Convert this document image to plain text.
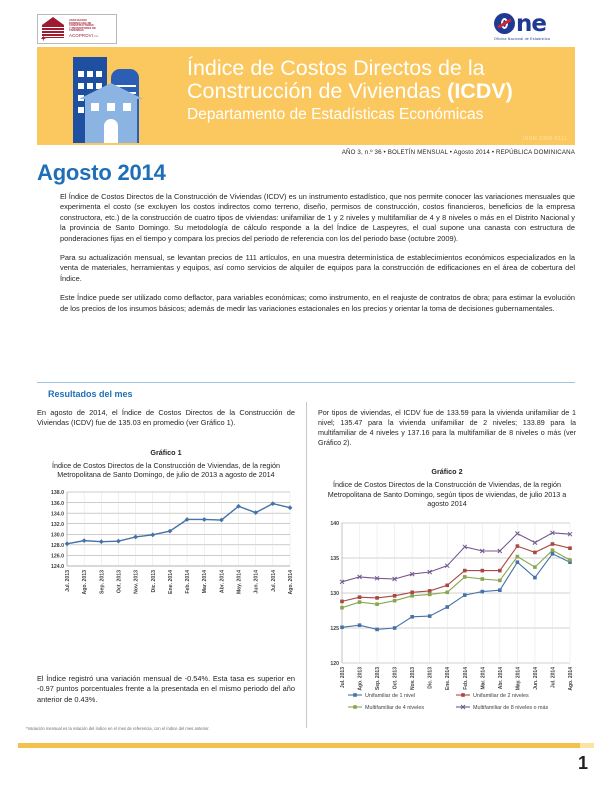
+
ASOCIACION
DOMINICANA DE
CONSTRUCTORES
Y PROMOTORES DE
VIVIENDAS
ACOPROVI, Inc.	ne
Oficina Nacional de Estadística
Índice de Costos Directos de la
Construcción de Viviendas (ICDV)
Departamento de Estadísticas Económicas
ISSN 2309-0111
AÑO 3, n.º 36 • BOLETÍN MENSUAL • Agosto 2014 • REPÚBLICA DOMINICANA
Agosto 2014

El Índice de Costos Directos de la Construcción de Viviendas (ICDV) es un instrumento estadístico, que nos permite conocer las variaciones mensuales que experimenta el costo (se excluyen los costos indirectos como terreno, diseño, permisos de construcción, costos financieros, beneficios de la empresa constructora, etc.) de la construcción de cuatro tipos de viviendas: unifamiliar de 1 y 2 niveles y multifamiliar de 4 y 8 niveles o más en el Distrito Nacional y la provincia de Santo Domingo. Su metodología de cálculo responde a la del Índice de Laspeyres, el cual supone una canasta con estructura de ponderaciones fijas en el tiempo y compara los precios del periodo de referencia con los del periodo base (octubre 2009).

Para su actualización mensual, se levantan precios de 111 artículos, en una muestra determinística de establecimientos económicos especializados en la venta de materiales, herramientas y equipos, así como servicios de alquiler de equipos para la construcción de edificaciones en el área de cobertura del Índice.

Este Índice puede ser utilizado como deflactor, para variables económicas; como instrumento, en el reajuste de contratos de obra; para estimar la evolución de los precios de los insumos básicos; además de medir las variaciones estacionales en los precios y orientar la toma de decisiones gubernamentales.

Resultados del mes

En agosto de 2014, el Índice de Costos Directos de la Construcción de Viviendas (ICDV) fue de 135.03 en promedio (ver Gráfico 1).

Gráfico 1
Índice de Costos Directos de la Construcción de Viviendas, de la región Metropolitana de Santo Domingo, de julio de 2013 a agosto de 2014
124.0
126.0
128.0
130.0
132.0
134.0
136.0
138.0
Jul. 2013 Ago. 2013 Sep. 2013 Oct. 2013 Nov. 2013 Dic. 2013 Ene. 2014 Feb. 2014 Mar. 2014 Abr. 2014 May. 2014 Jun. 2014 Jul. 2014 Ago. 2014

Por tipos de viviendas, el ICDV fue de 133.59 para la vivienda unifamiliar de 1 nivel; 135.47 para la vivienda unifamiliar de 2 niveles; 133.89 para la multifamiliar de 4 niveles y 137.16 para la multifamiliar de 8 niveles o más (ver Gráfico 2).

Gráfico 2
Índice de Costos Directos de la Construcción de Viviendas, de la región Metropolitana de Santo Domingo, según tipos de viviendas, de julio 2013 a agosto 2014
120
125
130
135
140
Jul. 2013 Ago. 2013 Sep. 2013 Oct. 2013 Nov. 2013 Dic. 2013 Ene. 2014 Feb. 2014 Mar. 2014 Abr. 2014 May. 2014 Jun. 2014 Jul. 2014 Ago. 2014
Unifamiliar de 1 nivel	Unifamiliar de 2 niveles
Multifamiliar de 4 niveles	Multifamiliar de 8 niveles o más
El Índice registró una variación mensual de -0.54%. Esta tasa es superior en -0.97 puntos porcentuales frente a la presentada en el mismo periodo del año anterior de 0.43%.
*Variación mensual es la relación del índice en el mes de referencia, con el índice del mes anterior.
1
